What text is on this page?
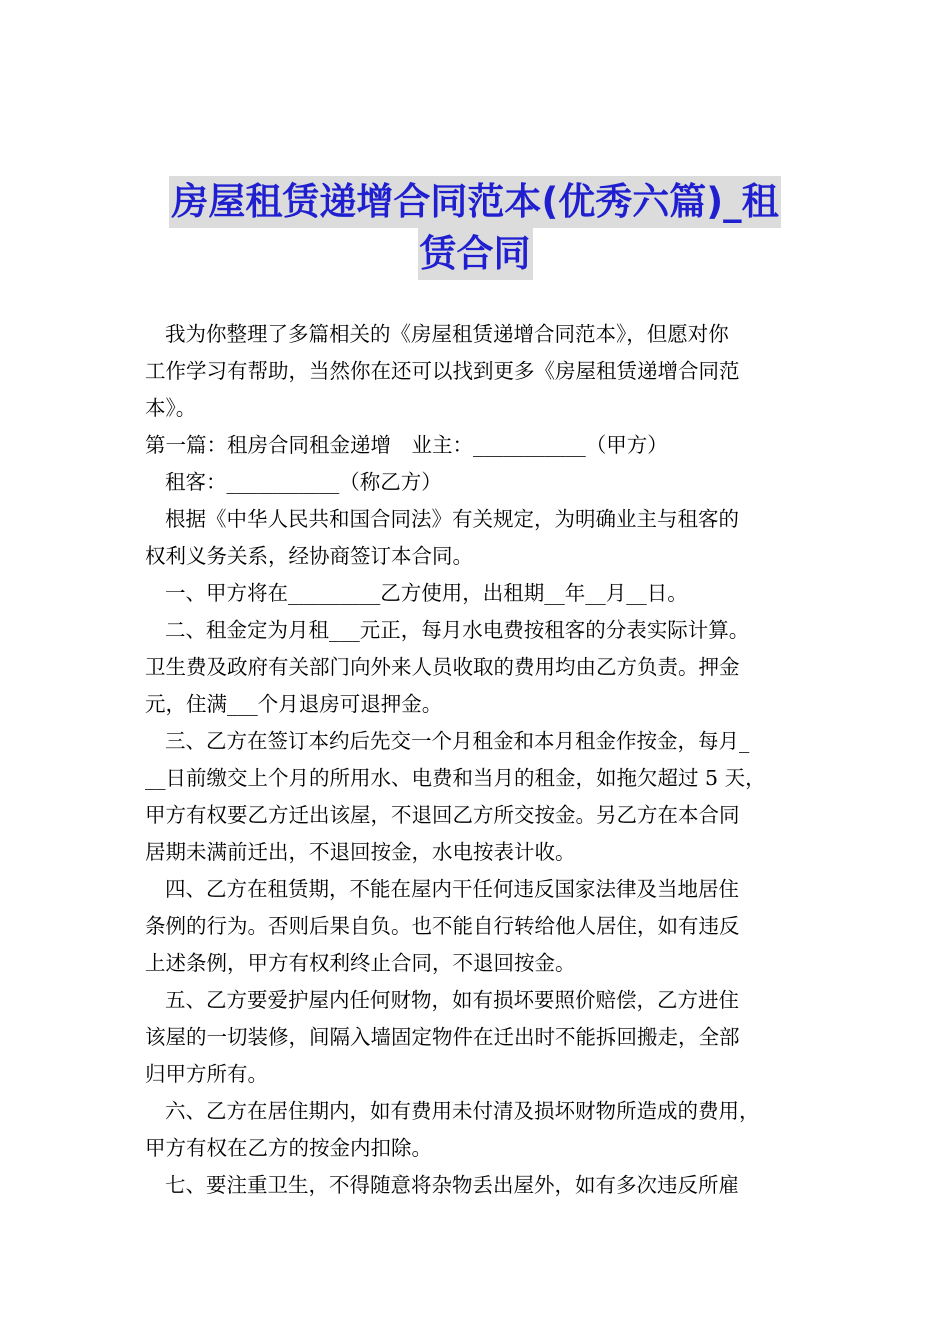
房屋租赁递增合同范本(优秀六篇)_租
赁合同
我为你整理了多篇相关的《房屋租赁递增合同范本》，但愿对你
工作学习有帮助，当然你在还可以找到更多《房屋租赁递增合同范
本》。
第一篇：租房合同租金递增　业主：___________（甲方）
租客：___________（称乙方）
根据《中华人民共和国合同法》有关规定，为明确业主与租客的
权利义务关系，经协商签订本合同。
一、甲方将在_________乙方使用，出租期__年__月__日。
二、租金定为月租___元正，每月水电费按租客的分表实际计算。
卫生费及政府有关部门向外来人员收取的费用均由乙方负责。押金
元，住满___个月退房可退押金。
三、乙方在签订本约后先交一个月租金和本月租金作按金，每月_
__日前缴交上个月的所用水、电费和当月的租金，如拖欠超过 5 天，
甲方有权要乙方迁出该屋，不退回乙方所交按金。另乙方在本合同
居期未满前迁出，不退回按金，水电按表计收。
四、乙方在租赁期，不能在屋内干任何违反国家法律及当地居住
条例的行为。否则后果自负。也不能自行转给他人居住，如有违反
上述条例，甲方有权利终止合同，不退回按金。
五、乙方要爱护屋内任何财物，如有损坏要照价赔偿，乙方进住
该屋的一切装修，间隔入墙固定物件在迁出时不能拆回搬走，全部
归甲方所有。
六、乙方在居住期内，如有费用未付清及损坏财物所造成的费用，
甲方有权在乙方的按金内扣除。
七、要注重卫生，不得随意将杂物丢出屋外，如有多次违反所雇
